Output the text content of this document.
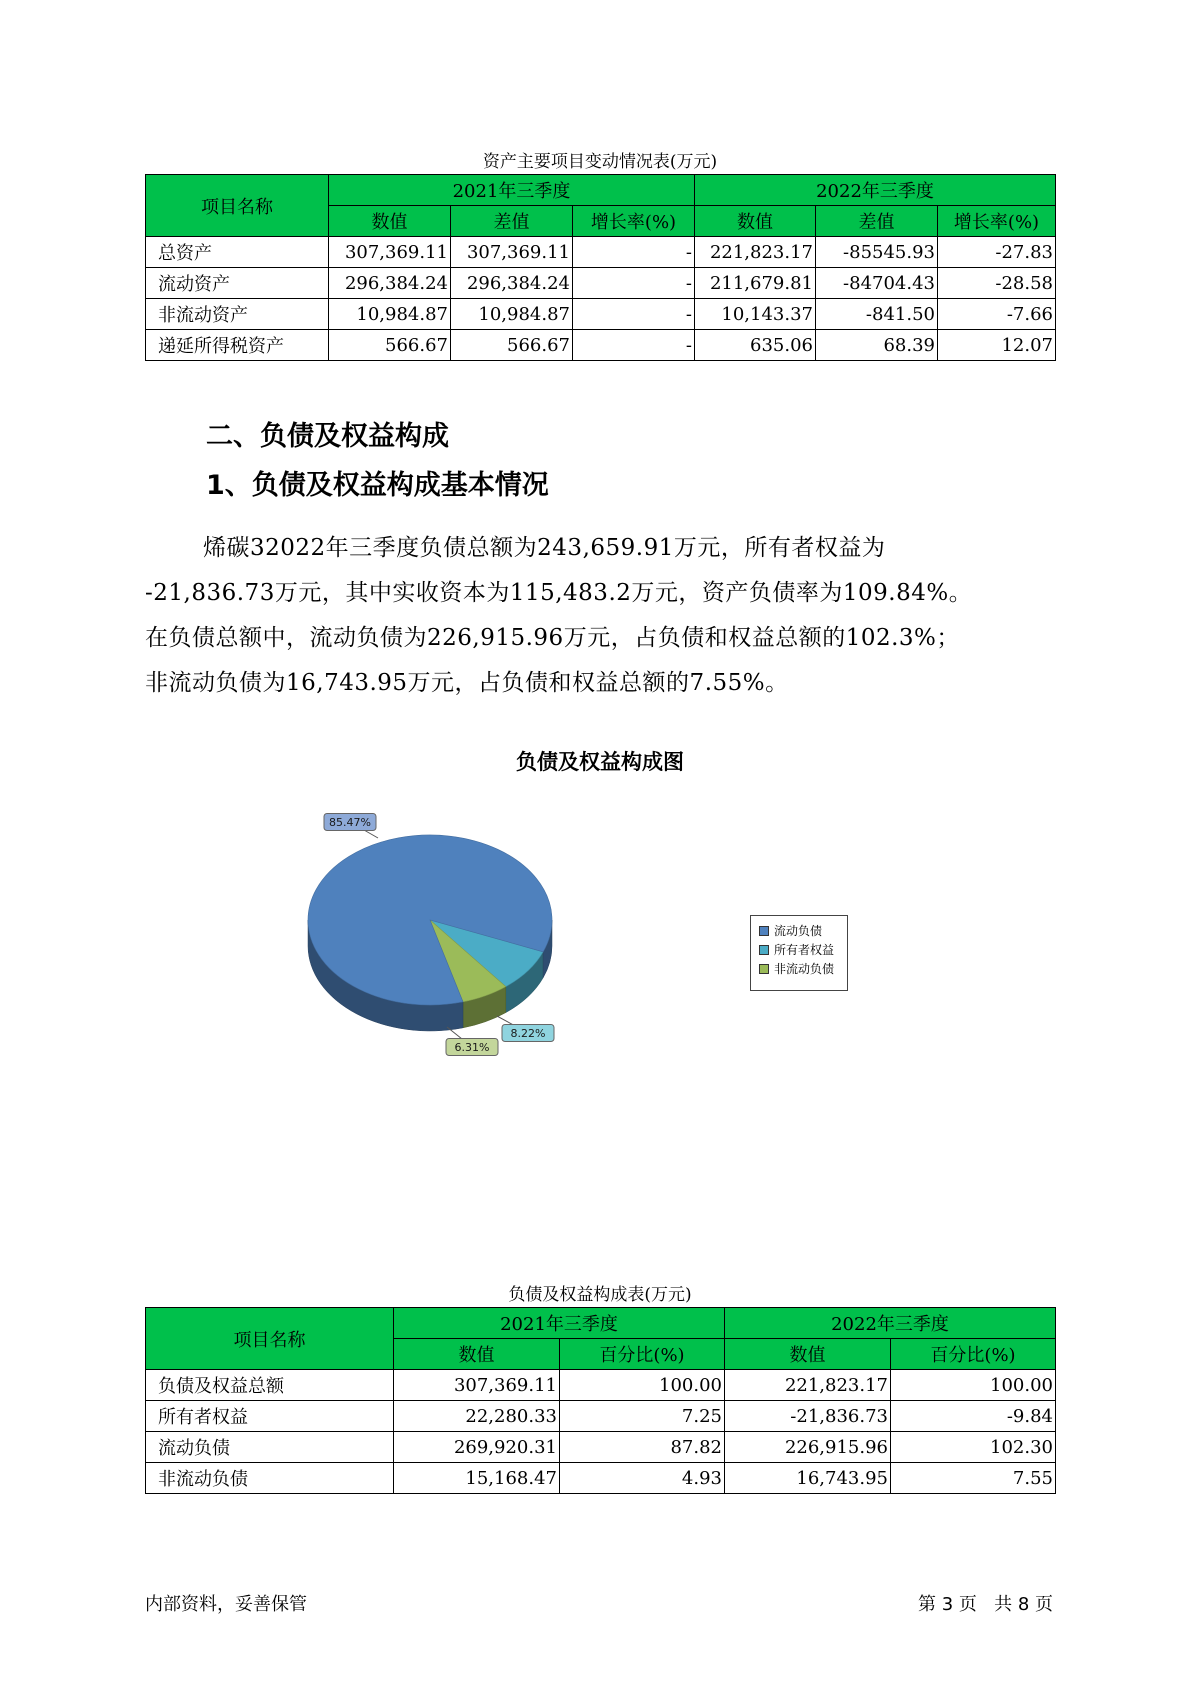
资产主要项目变动情况表(万元)
项目名称	2021年三季度			2022年三季度		
	数值	差值	增长率(%)	数值	差值	增长率(%)
总资产	307,369.11	307,369.11	-	221,823.17	-85545.93	-27.83
流动资产	296,384.24	296,384.24	-	211,679.81	-84704.43	-28.58
非流动资产	10,984.87	10,984.87	-	10,143.37	-841.50	-7.66
递延所得税资产	566.67	566.67	-	635.06	68.39	12.07
二、负债及权益构成
1、负债及权益构成基本情况
烯碳32022年三季度负债总额为243,659.91万元，所有者权益为
-21,836.73万元，其中实收资本为115,483.2万元，资产负债率为109.84%。
在负债总额中，流动负债为226,915.96万元，占负债和权益总额的102.3%；
非流动负债为16,743.95万元，占负债和权益总额的7.55%。
负债及权益构成图
85.47%
8.22%
6.31%
流动负债
所有者权益
非流动负债
负债及权益构成表(万元)
项目名称	2021年三季度		2022年三季度	
	数值	百分比(%)	数值	百分比(%)
负债及权益总额	307,369.11	100.00	221,823.17	100.00
所有者权益	22,280.33	7.25	-21,836.73	-9.84
流动负债	269,920.31	87.82	226,915.96	102.30
非流动负债	15,168.47	4.93	16,743.95	7.55
内部资料，妥善保管	第 3 页   共 8 页
